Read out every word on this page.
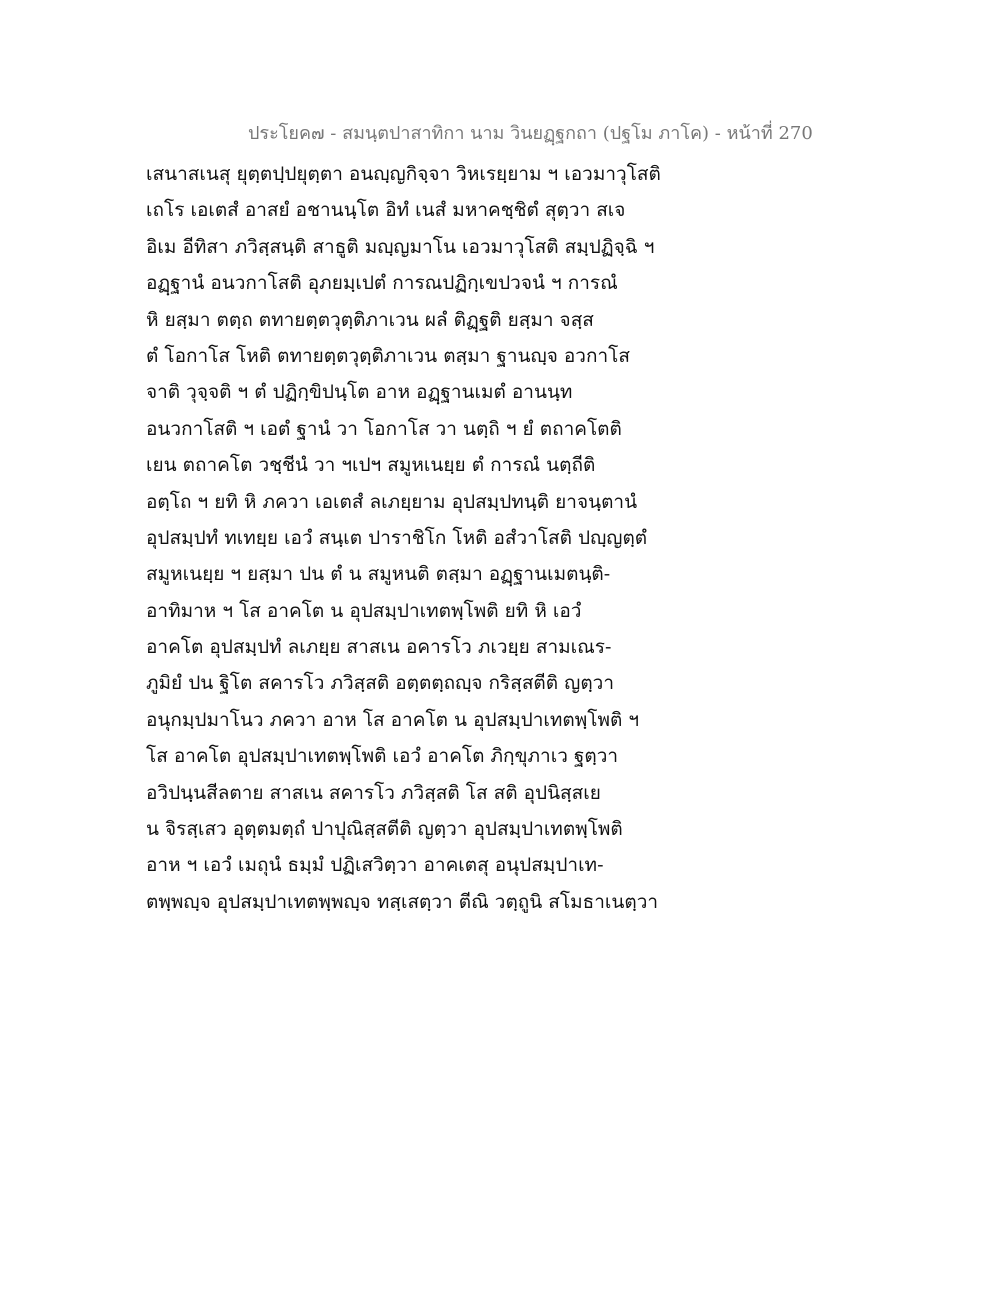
ประโยค๗ - สมนฺตปาสาทิกา นาม วินยฏฺฐกถา (ปฐโม ภาโค) - หน้าที่ 270
เสนาสเนสุ ยุตฺตปฺปยุตฺตา อนญฺญกิจฺจา วิหเรยฺยาม ฯ เอวมาวุโสติ
เถโร เอเตสํ อาสยํ อชานนฺโต อิทํ เนสํ มหาคชฺชิตํ สุตฺวา สเจ
อิเม อีทิสา ภวิสฺสนฺติ สาธูติ มญฺญมาโน เอวมาวุโสติ สมฺปฏิจฺฉิ ฯ
อฏฺฐานํ อนวกาโสติ อุภยมฺเปตํ การณปฏิกฺเขปวจนํ ฯ การณํ
หิ ยสฺมา ตตฺถ ตทายตฺตวุตฺติภาเวน ผลํ ติฏฺฐติ ยสฺมา จสฺส
ตํ โอกาโส โหติ ตทายตฺตวุตฺติภาเวน ตสฺมา ฐานญฺจ อวกาโส
จาติ วุจฺจติ ฯ ตํ ปฏิกฺขิปนฺโต อาห อฏฺฐานเมตํ อานนฺท
อนวกาโสติ ฯ เอตํ ฐานํ วา โอกาโส วา นตฺถิ ฯ ยํ ตถาคโตติ
เยน ตถาคโต วชฺชีนํ วา ฯเปฯ สมูหเนยฺย ตํ การณํ นตฺถีติ
อตฺโถ ฯ ยทิ หิ ภควา เอเตสํ ลเภยฺยาม อุปสมฺปทนฺติ ยาจนฺตานํ
อุปสมฺปทํ ทเทยฺย เอวํ สนฺเต ปาราชิโก โหติ อสํวาโสติ ปญฺญตฺตํ
สมูหเนยฺย ฯ ยสฺมา ปน ตํ น สมูหนติ ตสฺมา อฏฺฐานเมตนฺติ-
อาทิมาห ฯ โส อาคโต น อุปสมฺปาเทตพฺโพติ ยทิ หิ เอวํ
อาคโต อุปสมฺปทํ ลเภยฺย สาสเน อคารโว ภเวยฺย สามเณร-
ภูมิยํ ปน ฐิโต สคารโว ภวิสฺสติ อตฺตตฺถญฺจ กริสฺสตีติ ญตฺวา
อนุกมฺปมาโนว ภควา อาห โส อาคโต น อุปสมฺปาเทตพฺโพติ ฯ
โส อาคโต อุปสมฺปาเทตพฺโพติ เอวํ อาคโต ภิกฺขุภาเว ฐตฺวา
อวิปนฺนสีลตาย สาสเน สคารโว ภวิสฺสติ โส สติ อุปนิสฺสเย
น จิรสฺเสว อุตฺตมตฺถํ ปาปุณิสฺสตีติ ญตฺวา อุปสมฺปาเทตพฺโพติ
อาห ฯ เอวํ เมถุนํ ธมฺมํ ปฏิเสวิตฺวา อาคเตสุ อนุปสมฺปาเท-
ตพฺพญฺจ อุปสมฺปาเทตพฺพญฺจ ทสฺเสตฺวา ตีณิ วตฺถูนิ สโมธาเนตฺวา
